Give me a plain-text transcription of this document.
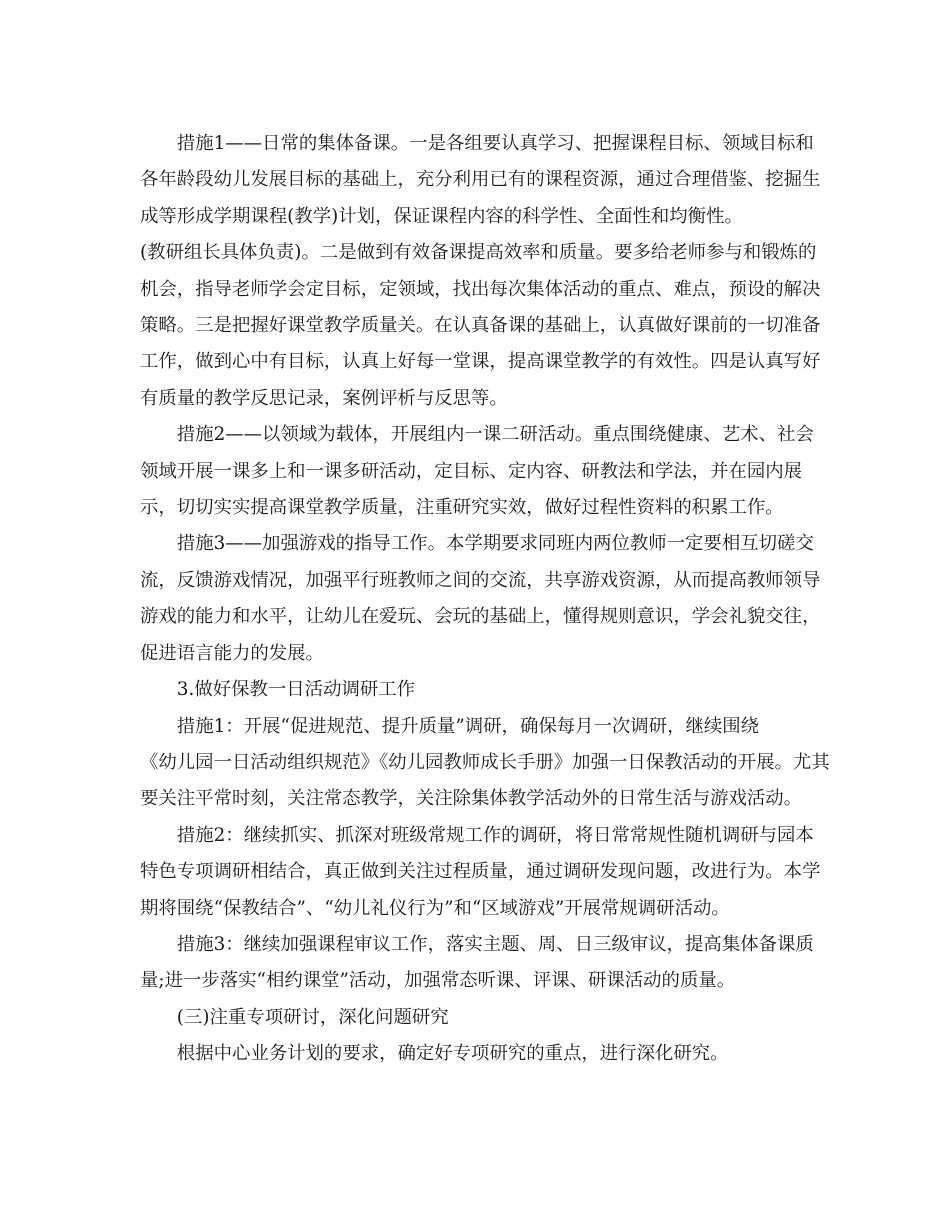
措施1——日常的集体备课。一是各组要认真学习、把握课程目标、领域目标和各年龄段幼儿发展目标的基础上，充分利用已有的课程资源，通过合理借鉴、挖掘生成等形成学期课程(教学)计划，保证课程内容的科学性、全面性和均衡性。

(教研组长具体负责)。二是做到有效备课提高效率和质量。要多给老师参与和锻炼的机会，指导老师学会定目标，定领域，找出每次集体活动的重点、难点，预设的解决策略。三是把握好课堂教学质量关。在认真备课的基础上，认真做好课前的一切准备工作，做到心中有目标，认真上好每一堂课，提高课堂教学的有效性。四是认真写好有质量的教学反思记录，案例评析与反思等。

措施2——以领域为载体，开展组内一课二研活动。重点围绕健康、艺术、社会领域开展一课多上和一课多研活动，定目标、定内容、研教法和学法，并在园内展示，切切实实提高课堂教学质量，注重研究实效，做好过程性资料的积累工作。

措施3——加强游戏的指导工作。本学期要求同班内两位教师一定要相互切磋交流，反馈游戏情况，加强平行班教师之间的交流，共享游戏资源，从而提高教师领导游戏的能力和水平，让幼儿在爱玩、会玩的基础上，懂得规则意识，学会礼貌交往，促进语言能力的发展。

3.做好保教一日活动调研工作

措施1：开展“促进规范、提升质量”调研，确保每月一次调研，继续围绕

《幼儿园一日活动组织规范》《幼儿园教师成长手册》加强一日保教活动的开展。尤其要关注平常时刻，关注常态教学，关注除集体教学活动外的日常生活与游戏活动。

措施2：继续抓实、抓深对班级常规工作的调研，将日常常规性随机调研与园本特色专项调研相结合，真正做到关注过程质量，通过调研发现问题，改进行为。本学期将围绕“保教结合”、“幼儿礼仪行为”和“区域游戏”开展常规调研活动。

措施3：继续加强课程审议工作，落实主题、周、日三级审议，提高集体备课质量;进一步落实“相约课堂”活动，加强常态听课、评课、研课活动的质量。

(三)注重专项研讨，深化问题研究

根据中心业务计划的要求，确定好专项研究的重点，进行深化研究。
